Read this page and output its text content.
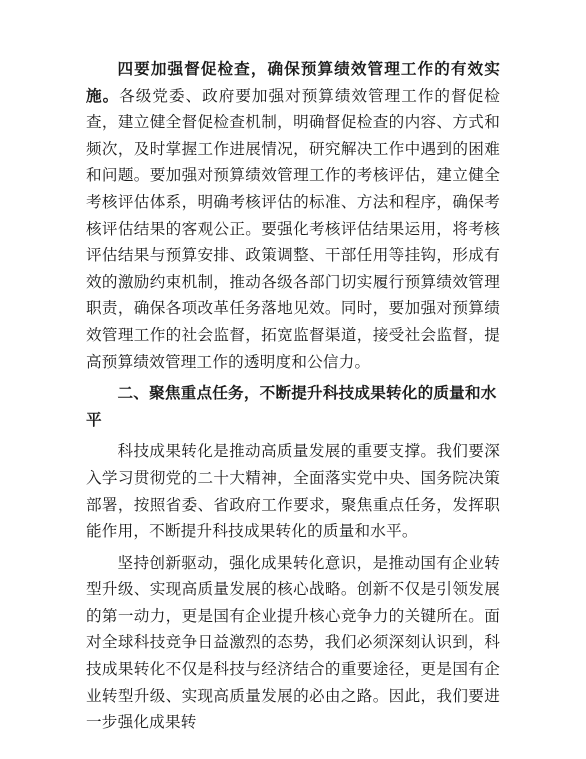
四要加强督促检查，确保预算绩效管理工作的有效实施。各级党委、政府要加强对预算绩效管理工作的督促检查，建立健全督促检查机制，明确督促检查的内容、方式和频次，及时掌握工作进展情况，研究解决工作中遇到的困难和问题。要加强对预算绩效管理工作的考核评估，建立健全考核评估体系，明确考核评估的标准、方法和程序，确保考核评估结果的客观公正。要强化考核评估结果运用，将考核评估结果与预算安排、政策调整、干部任用等挂钩，形成有效的激励约束机制，推动各级各部门切实履行预算绩效管理职责，确保各项改革任务落地见效。同时，要加强对预算绩效管理工作的社会监督，拓宽监督渠道，接受社会监督，提高预算绩效管理工作的透明度和公信力。

二、聚焦重点任务，不断提升科技成果转化的质量和水平

科技成果转化是推动高质量发展的重要支撑。我们要深入学习贯彻党的二十大精神，全面落实党中央、国务院决策部署，按照省委、省政府工作要求，聚焦重点任务，发挥职能作用，不断提升科技成果转化的质量和水平。

坚持创新驱动，强化成果转化意识，是推动国有企业转型升级、实现高质量发展的核心战略。创新不仅是引领发展的第一动力，更是国有企业提升核心竞争力的关键所在。面对全球科技竞争日益激烈的态势，我们必须深刻认识到，科技成果转化不仅是科技与经济结合的重要途径，更是国有企业转型升级、实现高质量发展的必由之路。因此，我们要进一步强化成果转
